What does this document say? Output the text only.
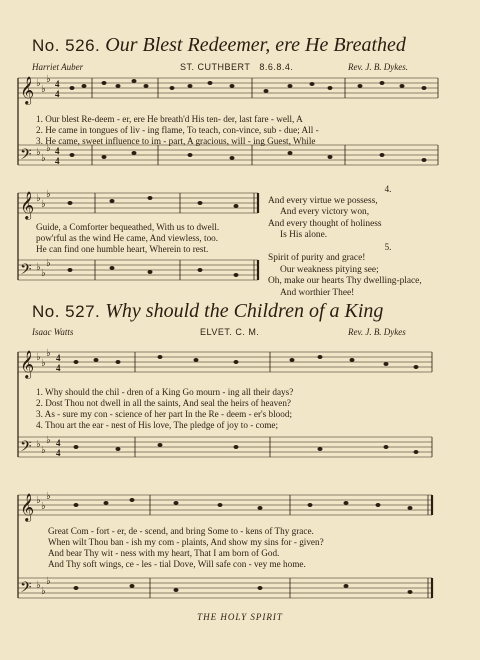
No. 526. Our Blest Redeemer, ere He Breathed
Harriet Auber	ST. CUTHBERT 8.6.8.4.	Rev. J. B. Dykes.
𝄞
𝄢
𝄞
𝄢
𝄞
𝄢
𝄞
𝄢
♭
♭
♭
♭
♭
♭
♭
♭
♭
♭
♭
♭
♭
♭
♭
♭
♭
♭
♭
♭
♭
♭
♭
♭
4
4
4
4
4
4
4
4
1. Our blest Re-deem - er, ere He breath'd His ten- der, last fare - well, A
2. He came in tongues of liv - ing flame, To teach, con-vince, sub - due; All -
3. He came, sweet influence to im - part, A gracious, will - ing Guest, While
Guide, a Comforter bequeathed, With us to dwell.
pow'rful as the wind He came, And viewless, too.
He can find one humble heart, Wherein to rest.
4.
And every virtue we possess,
And every victory won,
And every thought of holiness
Is His alone.
5.
Spirit of purity and grace!
Our weakness pitying see;
Oh, make our hearts Thy dwelling-place,
And worthier Thee!
No. 527. Why should the Children of a King
Isaac Watts	ELVET. C. M.	Rev. J. B. Dykes
1. Why should the chil - dren of a King Go mourn - ing all their days?
2. Dost Thou not dwell in all the saints, And seal the heirs of heaven?
3. As - sure my con - science of her part In the Re - deem - er's blood;
4. Thou art the ear - nest of His love, The pledge of joy to - come;
Great Com - fort - er, de - scend, and bring Some to - kens of Thy grace.
When wilt Thou ban - ish my com - plaints, And show my sins for - given?
And bear Thy wit - ness with my heart, That I am born of God.
And Thy soft wings, ce - les - tial Dove, Will safe con - vey me home.
THE HOLY SPIRIT
